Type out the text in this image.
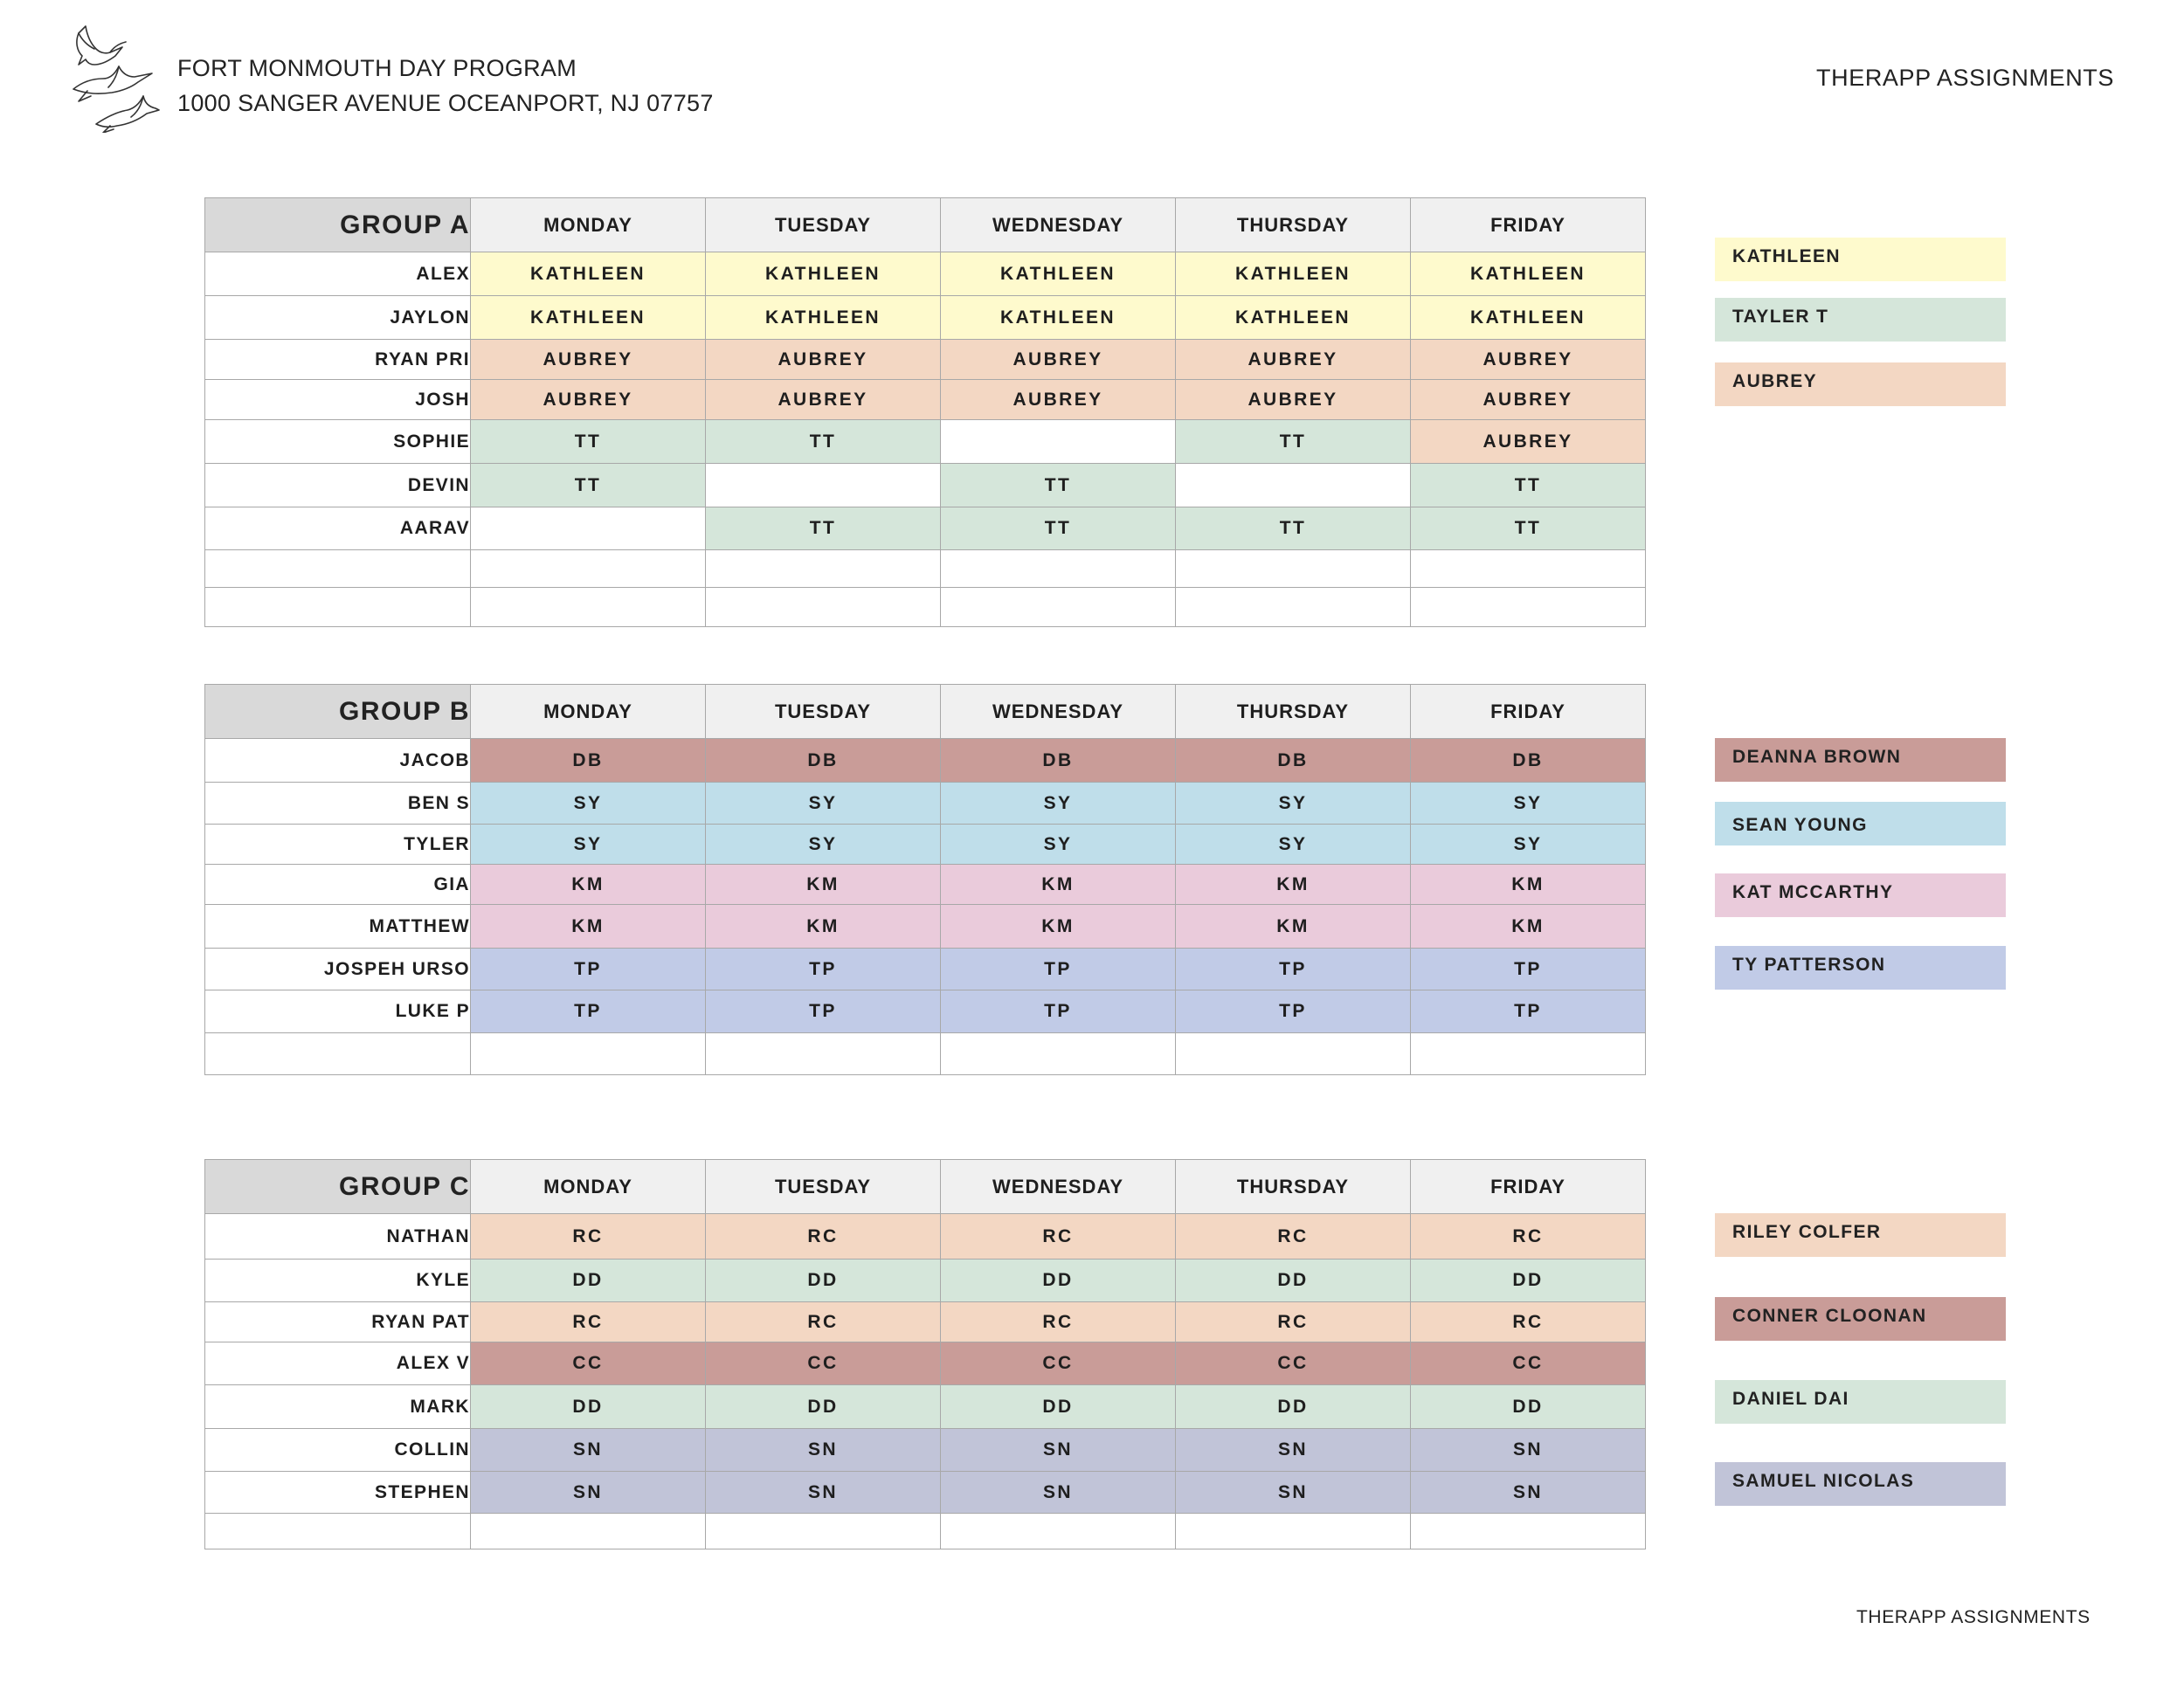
FORT MONMOUTH DAY PROGRAM
1000 SANGER AVENUE OCEANPORT, NJ 07757
THERAPP ASSIGNMENTS
GROUP A	MONDAY	TUESDAY	WEDNESDAY	THURSDAY	FRIDAY
ALEX	KATHLEEN	KATHLEEN	KATHLEEN	KATHLEEN	KATHLEEN
JAYLON	KATHLEEN	KATHLEEN	KATHLEEN	KATHLEEN	KATHLEEN
RYAN PRI	AUBREY	AUBREY	AUBREY	AUBREY	AUBREY
JOSH	AUBREY	AUBREY	AUBREY	AUBREY	AUBREY
SOPHIE	TT	TT		TT	AUBREY
DEVIN	TT		TT		TT
AARAV		TT	TT	TT	TT

GROUP B	MONDAY	TUESDAY	WEDNESDAY	THURSDAY	FRIDAY
JACOB	DB	DB	DB	DB	DB
BEN S	SY	SY	SY	SY	SY
TYLER	SY	SY	SY	SY	SY
GIA	KM	KM	KM	KM	KM
MATTHEW	KM	KM	KM	KM	KM
JOSPEH URSO	TP	TP	TP	TP	TP
LUKE P	TP	TP	TP	TP	TP

GROUP C	MONDAY	TUESDAY	WEDNESDAY	THURSDAY	FRIDAY
NATHAN	RC	RC	RC	RC	RC
KYLE	DD	DD	DD	DD	DD
RYAN PAT	RC	RC	RC	RC	RC
ALEX V	CC	CC	CC	CC	CC
MARK	DD	DD	DD	DD	DD
COLLIN	SN	SN	SN	SN	SN
STEPHEN	SN	SN	SN	SN	SN

KATHLEEN
TAYLER T
AUBREY
DEANNA BROWN
SEAN YOUNG
KAT MCCARTHY
TY PATTERSON
RILEY COLFER
CONNER CLOONAN
DANIEL DAI
SAMUEL NICOLAS
THERAPP ASSIGNMENTS
